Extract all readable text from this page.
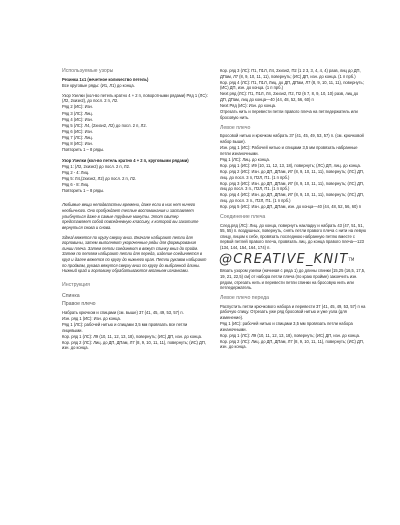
Используемые узоры

Резинка 1х1 (нечетное количество петель)

Все круговые ряды: (И1, Л1) до конца.

Узор Узелки (кол-во петель кратно 4 + 2 п, поворотными рядами) Ряд 1 (ЛС): (Л2, 2хизн2), до посл. 2 п, Л2.

Ряд 2 (ИС): Изн.

Ряд 3 (ЛС): Лиц.

Ряд 4 (ИС): Изн.

Ряд 5 (ЛС): Л4, (2хизн2, Л2) до посл. 2 п, Л2.

Ряд 6 (ИС): Изн.

Ряд 7 (ЛС): Лиц.

Ряд 8 (ИС): Изн.

Повторить 1 – 8 ряды.

Узор Узелки (кол-во петель кратно 4 + 2 п, круговыми рядами)

Ряд 1: (Л2, 2хизн2) до посл. 2 п, Л2.

Ряд 2 - 4: Лиц.

Ряд 5: Л4,(2хизн2, Л2) до посл. 2 п, Л2.

Ряд 6 - 8: Лиц.

Повторить 1 – 8 ряды.

Любимые вещи неподвластны времени, даже если в них нет ничего необычного. Оно пробуждает теплые воспоминания и заставляет улыбнуться даже в самые трудные минуты. Этот свитер представляет собой повседневную классику, к которой вы захотите вернуться снова и снова.

Sibeal вяжется по кругу сверху вниз. Вначале набирают петли для горловины, затем выполняют укороченные ряды для формирования линии плеча. Затем петли соединяют в вяжут спинку вниз до пройм. Затем по петлям набирают петли для переда, изделие соединяется в круг и далее вяжется по кругу до нижнего края. Петли рукавов набирают по проймам, рукава вяжутся сверху вниз по кругу до выбранной длины. Нижний край и горловину обрабатываются вязаньем изнанками.

Инструкция
Спинка
Правое плечо

Набрать крючком и спицами (см. выше) 37 (41, 45, 49, 53, 57) п.

Изн. ряд 1 (ИС): Изн. до конца.

Ряд 1 (ЛС): рабочей нитью и спицами 3,5 мм провязать все петли лицевыми.

Кор. ряд 1 (ЛС): Л9 (10, 11, 12, 13, 18), повернуть; (ИС) ДП, изн. до конца.

Кор. ряд 2 (ЛС): Лиц. до ДП, ДПам, Л7 (8, 9, 10, 11, 11), повернуть; (ИС) ДП, изн. до конца.

Кор. ряд 3 (ЛС): П1, П1Л, Л4, 2хизн2, П2 (1 2 3, 3, 4, 4, 4) разв, лиц до ДП, ДПам, Л7 (8, 9, 10, 11, 11), повернуть; (ИС) ДП, изн. до конца. (1 п прб.)

Кор. ряд 4 (ЛС): П1, П1Л, Лиц. до ДП, ДПам, Л7 (8, 9, 10, 11, 11), повернуть; (ИС) ДП, изн. до конца. (1 п прб.)

Next ряд (ЛС): П1, П1Л, Л4, 2хизн2, П2, П2 (6 7, 8, 9, 10, 10) разв, лиц до ДП, ДПам, лиц до конца—40 (44, 48, 52, 56, 60) п

Next Ряд (ИС): Изн. до конца.

Отрезать нить и перевести петли правого плеча на петледержатель или бросовую нить.

Левое плечо

Бросовой нитью и крючком набрать 37 (41, 45, 49, 53, 57) п. (см. крючковой набор выше).

Изн. ряд 1 (ИС): Рабочей нитью и спицами 3,5 мм провязать набранные петли изнаночными.

Ряд 1 (ЛС): Лиц. до конца.

Кор. ряд 1 (ИС): И9 (10, 11, 12, 13, 18), повернуть; (ЛС) ДП, лиц. до конца.

Кор. ряд 2 (ИС): Изн. до ДП, ДПам, И7 (8, 9, 10, 11, 11), повернуть; (ЛС) ДП, лиц. до посл. 3 п, П2Л, П1. (1 п прб.)

Кор. ряд 3 (ИС): Изн. до ДП, ДПам, И7 (8, 9, 10, 11, 11), повернуть; (ЛС) ДП, лиц до посл. 3 п., П2Л, П1. (1 п прб.)

Кор. ряд 4 (ИС): Изн. до ДП, ДПам, И7 (8, 9, 10, 11, 11), повернуть; (ЛС) ДП, лиц. до посл. 3 п., П2Л, П1. (1 п прб.)

Кор. ряд 5 (ИС): Изн. до ДП, ДПам, изн. до конца—40 (44, 48, 52, 56, 60) п

Соединение плеча

След.ряд (ЛС): Лиц. до конца, повернуть накладку и набрать 43 (47, 51, 51, 55, 55) п. воздушных, повернуть, снять петли правого плеча с нити на левую спицу, лицом к себе, провязать последнюю набранную петлю вместе с первой петлей правого плеча, провязать лиц. до конца правого плеча—123 (134, 144, 154, 164, 174) п.

@CREATIVE_KNIT™

Вязать узором узелки (начиная с ряда 1) до длины спинки [15,25 (16,5, 17,5, 19, 21, 22,5) см] от набора петли плеча (по краю пройме) закончить изн. рядом, отрезать нить и перевести петли спинки на бросовую нить или петледержатель.

Левое плечо переда

Распустить петли крючкового набора и перевести 37 (41, 45, 49, 53, 57) п на рабочую спицу. Отрезать уже ряд бросовой нитью и уже узла (для изменение).

Ряд 1 (ИС): рабочей нитью и спицами 3,5 мм провязать петли набора изнаночными.

Кор. ряд 1 (ЛС): Л9 (10, 11, 12, 13, 18), повернуть; (ИС) ДП, изн. до конца.

Кор. ряд 2 (ЛС): Лиц. до ДП, ДПам, Л7 (8, 9, 10, 11, 11), повернуть; (ИС) ДП, изн. до конца.
